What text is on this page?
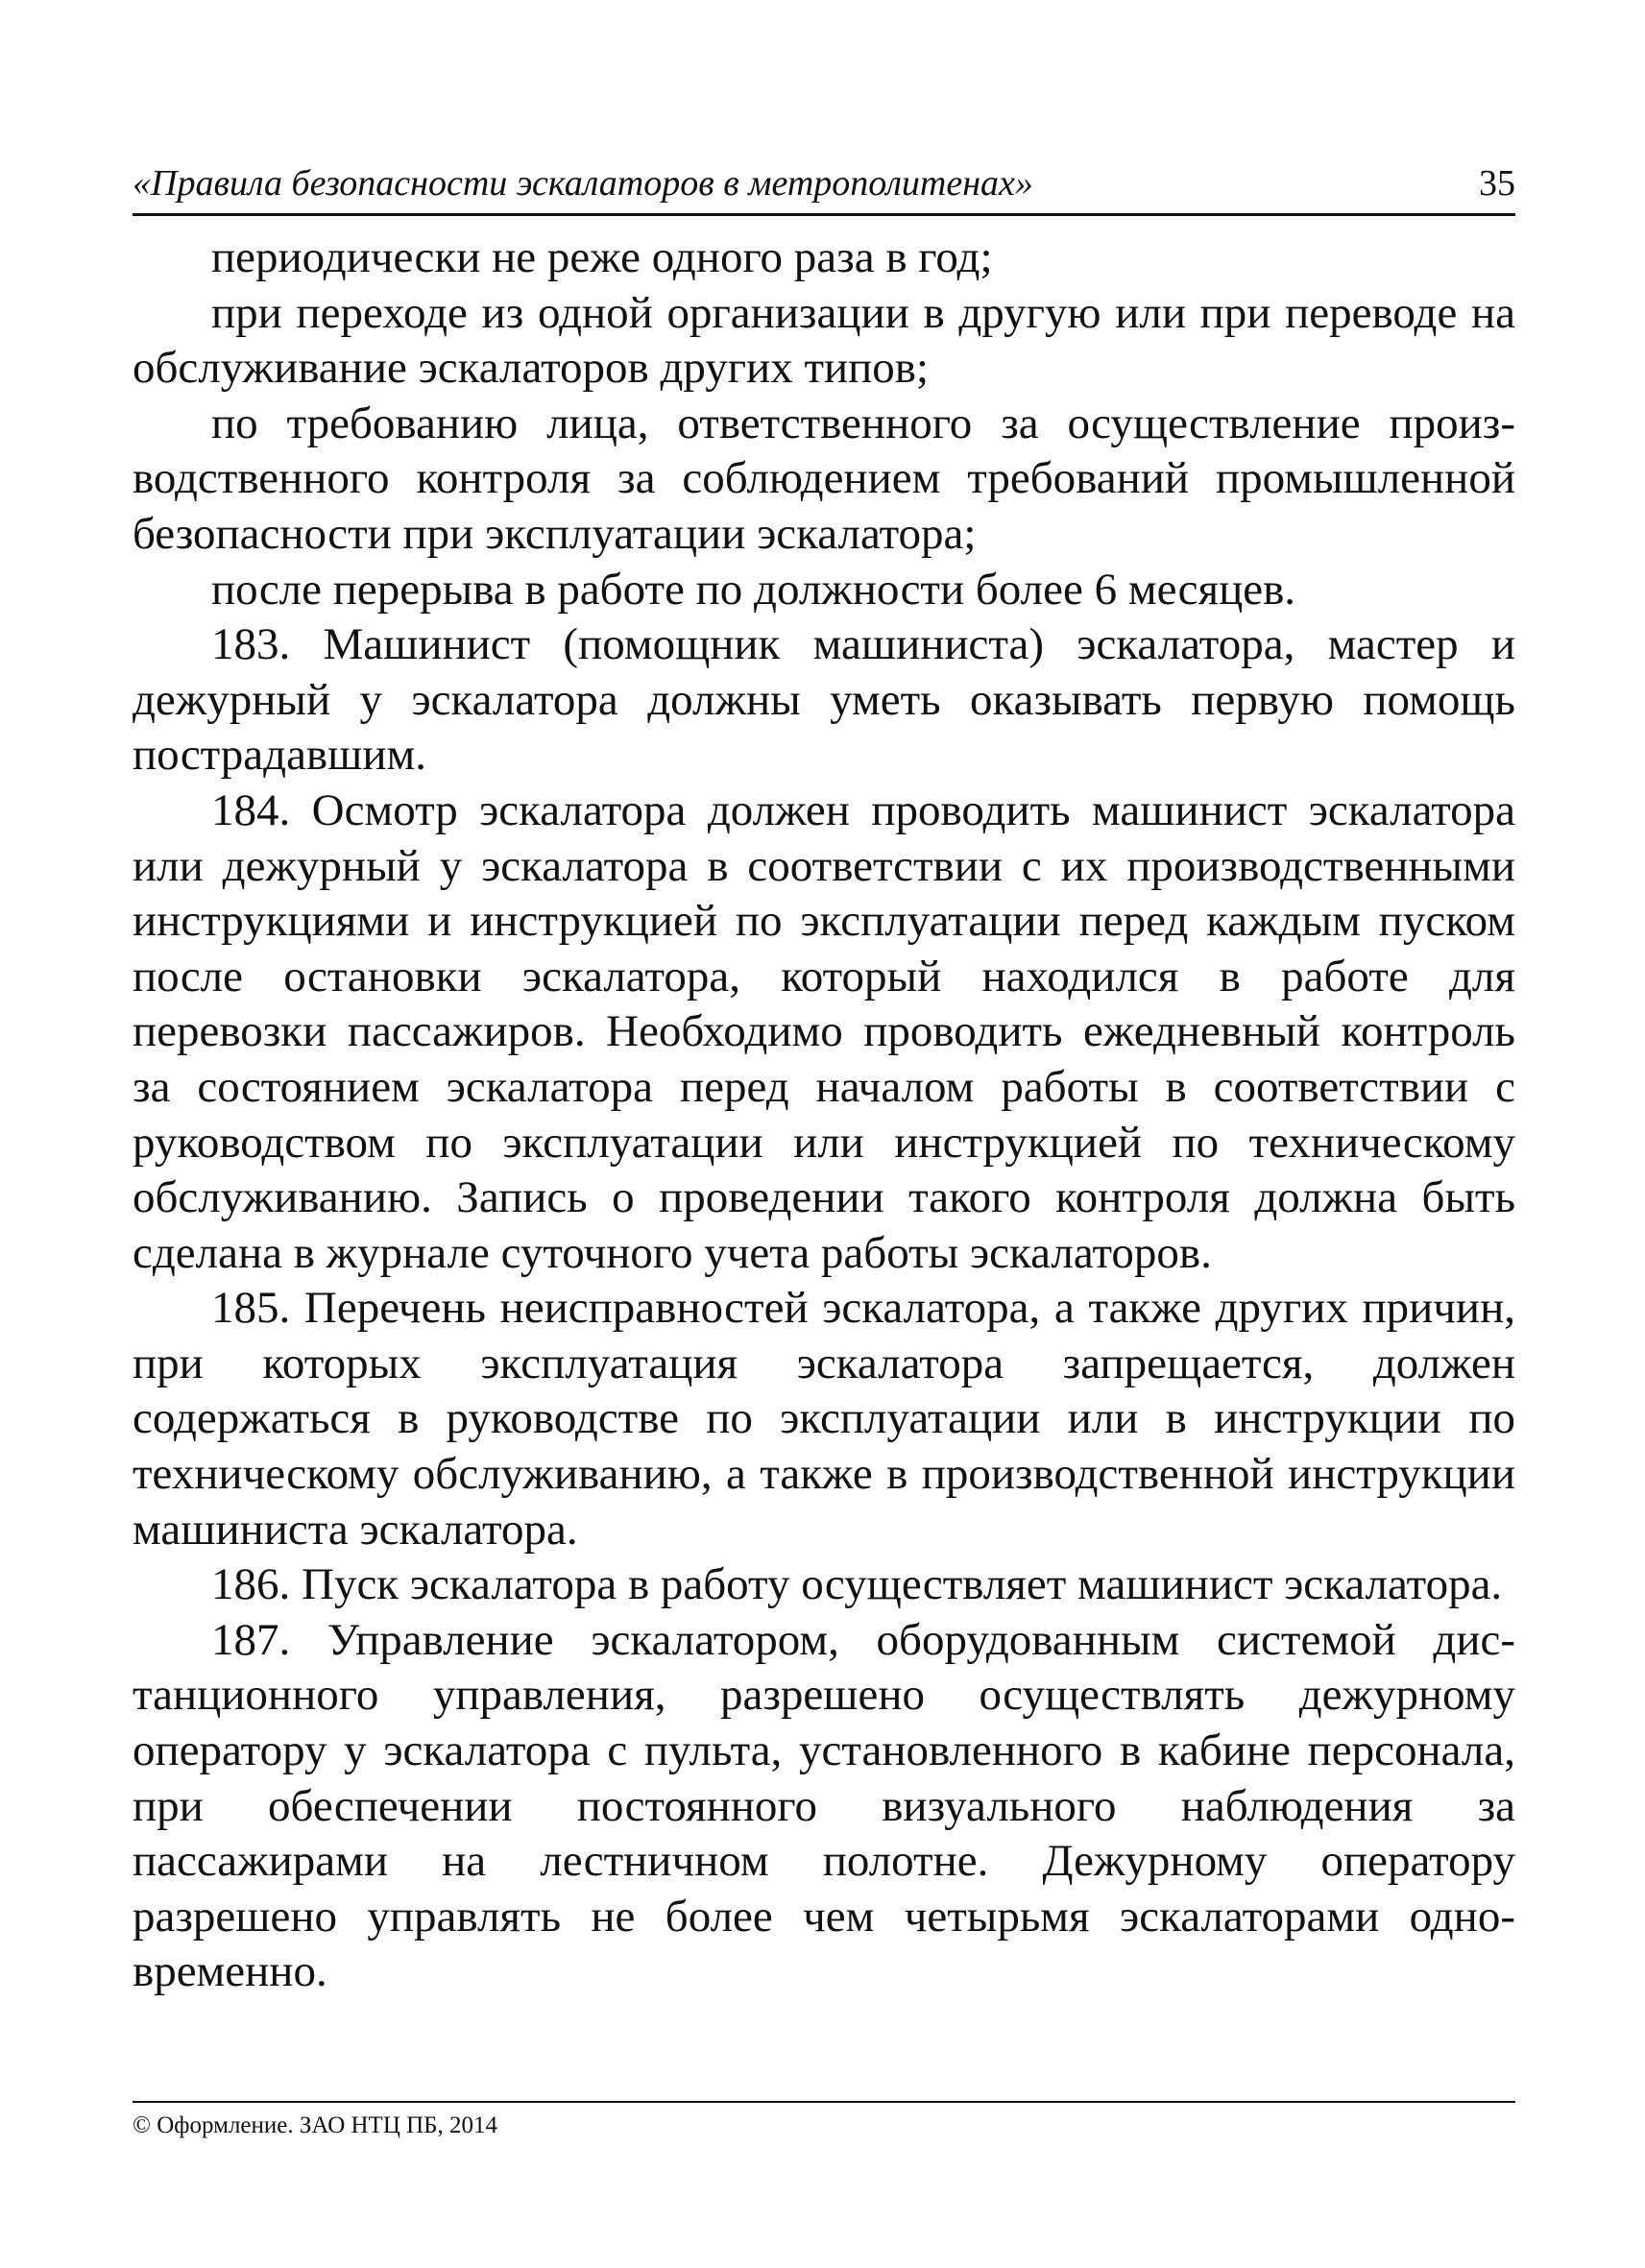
«Правила безопасности эскалаторов в метрополитенах»	35

периодически не реже одного раза в год;

при переходе из одной организации в другую или при переводе на обслуживание эскалаторов других типов;

по требованию лица, ответственного за осуществление производственного контроля за соблюдением требований промышленной безопасности при эксплуатации эскалатора;

после перерыва в работе по должности более 6 месяцев.

183. Машинист (помощник машиниста) эскалатора, мастер и дежурный у эскалатора должны уметь оказывать первую помощь пострадавшим.

184. Осмотр эскалатора должен проводить машинист эскалатора или дежурный у эскалатора в соответствии с их производственными инструкциями и инструкцией по эксплуатации перед каждым пуском после остановки эскалатора, который находился в работе для перевозки пассажиров. Необходимо проводить ежедневный контроль за состоянием эскалатора перед началом работы в соответствии с руководством по эксплуатации или инструкцией по техническому обслуживанию. Запись о проведении такого контроля должна быть сделана в журнале суточного учета работы эскалаторов.

185. Перечень неисправностей эскалатора, а также других причин, при которых эксплуатация эскалатора запрещается, должен содержаться в руководстве по эксплуатации или в инструкции по техническому обслуживанию, а также в производственной инструкции машиниста эскалатора.

186. Пуск эскалатора в работу осуществляет машинист эскалатора.

187. Управление эскалатором, оборудованным системой дистанционного управления, разрешено осуществлять дежурному оператору у эскалатора с пульта, установленного в кабине персонала, при обеспечении постоянного визуального наблюдения за пассажирами на лестничном полотне. Дежурному оператору разрешено управлять не более чем четырьмя эскалаторами одновременно.

© Оформление. ЗАО НТЦ ПБ, 2014
